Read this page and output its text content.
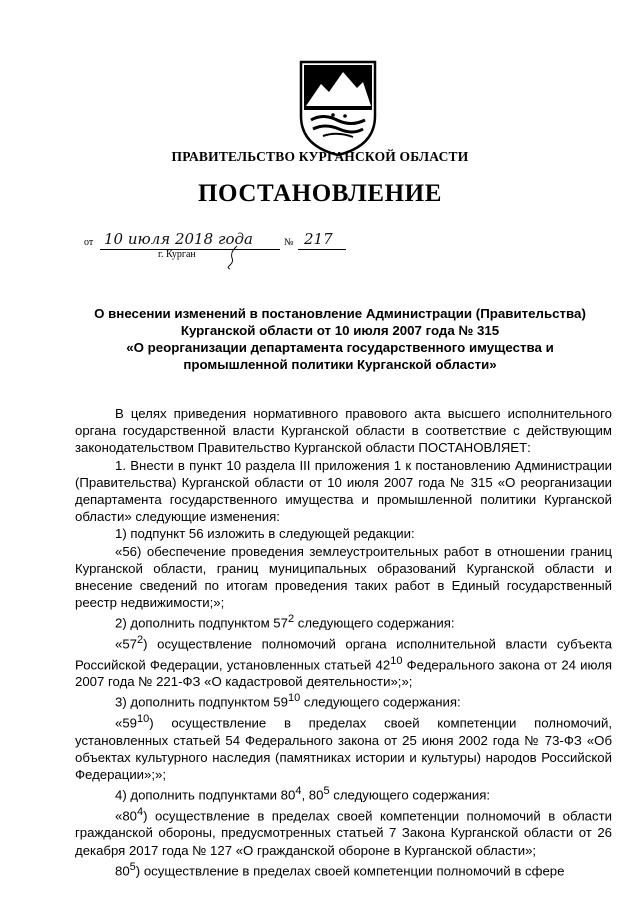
ПРАВИТЕЛЬСТВО КУРГАНСКОЙ ОБЛАСТИ
ПОСТАНОВЛЕНИЕ
от 10 июля 2018 года	№ 217
г. Курган
О внесении изменений в постановление Администрации (Правительства)
Курганской области от 10 июля 2007 года № 315
«О реорганизации департамента государственного имущества и
промышленной политики Курганской области»

В целях приведения нормативного правового акта высшего исполнительного органа государственной власти Курганской области в соответствие с действующим законодательством Правительство Курганской области ПОСТАНОВЛЯЕТ:

1. Внести в пункт 10 раздела III приложения 1 к постановлению Администрации (Правительства) Курганской области от 10 июля 2007 года № 315 «О реорганизации департамента государственного имущества и промышленной политики Курганской области» следующие изменения:

1) подпункт 56 изложить в следующей редакции:

«56) обеспечение проведения землеустроительных работ в отношении границ Курганской области, границ муниципальных образований Курганской области и внесение сведений по итогам проведения таких работ в Единый государственный реестр недвижимости;»;

2) дополнить подпунктом $57^2$ следующего содержания:

«$57^2$) осуществление полномочий органа исполнительной власти субъекта Российской Федерации, установленных статьей $42^{10}$ Федерального закона от 24 июля 2007 года № 221-ФЗ «О кадастровой деятельности»;»;

3) дополнить подпунктом $59^{10}$ следующего содержания:

«$59^{10}$) осуществление в пределах своей компетенции полномочий, установленных статьей 54 Федерального закона от 25 июня 2002 года № 73-ФЗ «Об объектах культурного наследия (памятниках истории и культуры) народов Российской Федерации»;»;

4) дополнить подпунктами $80^4$, $80^5$ следующего содержания:

«$80^4$) осуществление в пределах своей компетенции полномочий в области гражданской обороны, предусмотренных статьей 7 Закона Курганской области от 26 декабря 2017 года № 127 «О гражданской обороне в Курганской области»;

$80^5$) осуществление в пределах своей компетенции полномочий в сфере
